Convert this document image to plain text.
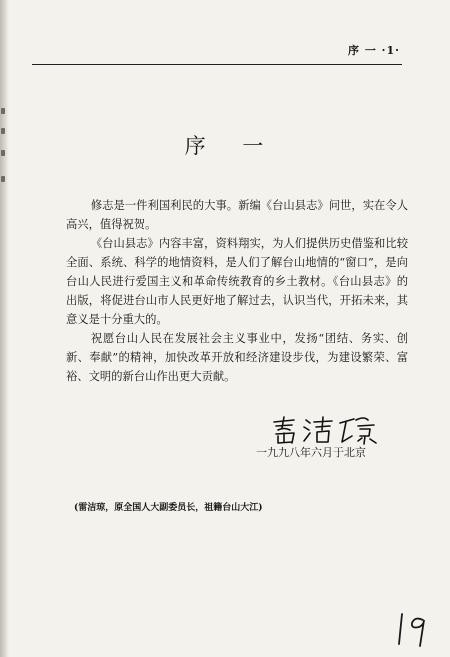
序 一 ·1·
序 一

修志是一件利国利民的大事。新编《台山县志》问世，实在令人高兴，值得祝贺。

《台山县志》内容丰富，资料翔实，为人们提供历史借鉴和比较全面、系统、科学的地情资料，是人们了解台山地情的“窗口”，是向台山人民进行爱国主义和革命传统教育的乡土教材。《台山县志》的出版，将促进台山市人民更好地了解过去，认识当代，开拓未来，其意义是十分重大的。

祝愿台山人民在发展社会主义事业中，发扬“团结、务实、创新、奉献”的精神，加快改革开放和经济建设步伐，为建设繁荣、富裕、文明的新台山作出更大贡献。

一九九八年六月于北京
(雷洁琼，原全国人大副委员长，祖籍台山大江)
